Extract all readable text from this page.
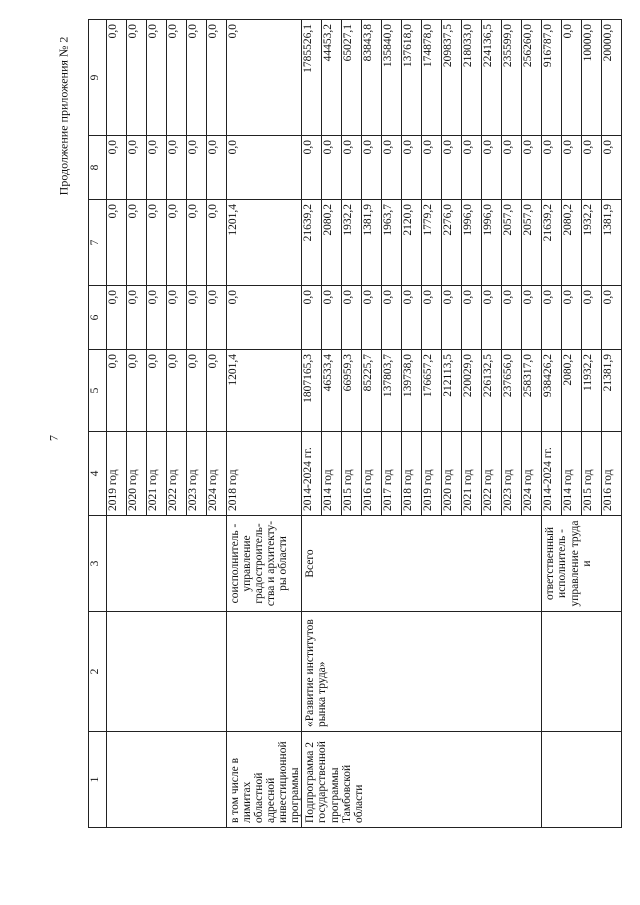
7
Продолжение приложения № 2
1	2	3	4	5	6	7	8	9
			2019 год	0,0	0,0	0,0	0,0	0,0
			2020 год	0,0	0,0	0,0	0,0	0,0
			2021 год	0,0	0,0	0,0	0,0	0,0
			2022 год	0,0	0,0	0,0	0,0	0,0
			2023 год	0,0	0,0	0,0	0,0	0,0
			2024 год	0,0	0,0	0,0	0,0	0,0
в том числе в лимитах областной адресной инвестиционной программы		соисполнитель - управление градостроитель-ства и архитекту-ры области	2018 год	1201,4	0,0	1201,4	0,0	0,0
Подпрограмма 2 государственной программы Тамбовской области	«Развитие институтов рынка труда»	Всего	2014-2024 гг.	1807165,3	0,0	21639,2	0,0	1785526,1
			2014 год	46533,4	0,0	2080,2	0,0	44453,2
			2015 год	66959,3	0,0	1932,2	0,0	65027,1
			2016 год	85225,7	0,0	1381,9	0,0	83843,8
			2017 год	137803,7	0,0	1963,7	0,0	135840,0
			2018 год	139738,0	0,0	2120,0	0,0	137618,0
			2019 год	176657,2	0,0	1779,2	0,0	174878,0
			2020 год	212113,5	0,0	2276,0	0,0	209837,5
			2021 год	220029,0	0,0	1996,0	0,0	218033,0
			2022 год	226132,5	0,0	1996,0	0,0	224136,5
			2023 год	237656,0	0,0	2057,0	0,0	235599,0
			2024 год	258317,0	0,0	2057,0	0,0	256260,0
		ответственный исполнитель - управление труда и	2014-2024 гг.	938426,2	0,0	21639,2	0,0	916787,0
			2014 год	2080,2	0,0	2080,2	0,0	0,0
			2015 год	11932,2	0,0	1932,2	0,0	10000,0
			2016 год	21381,9	0,0	1381,9	0,0	20000,0
